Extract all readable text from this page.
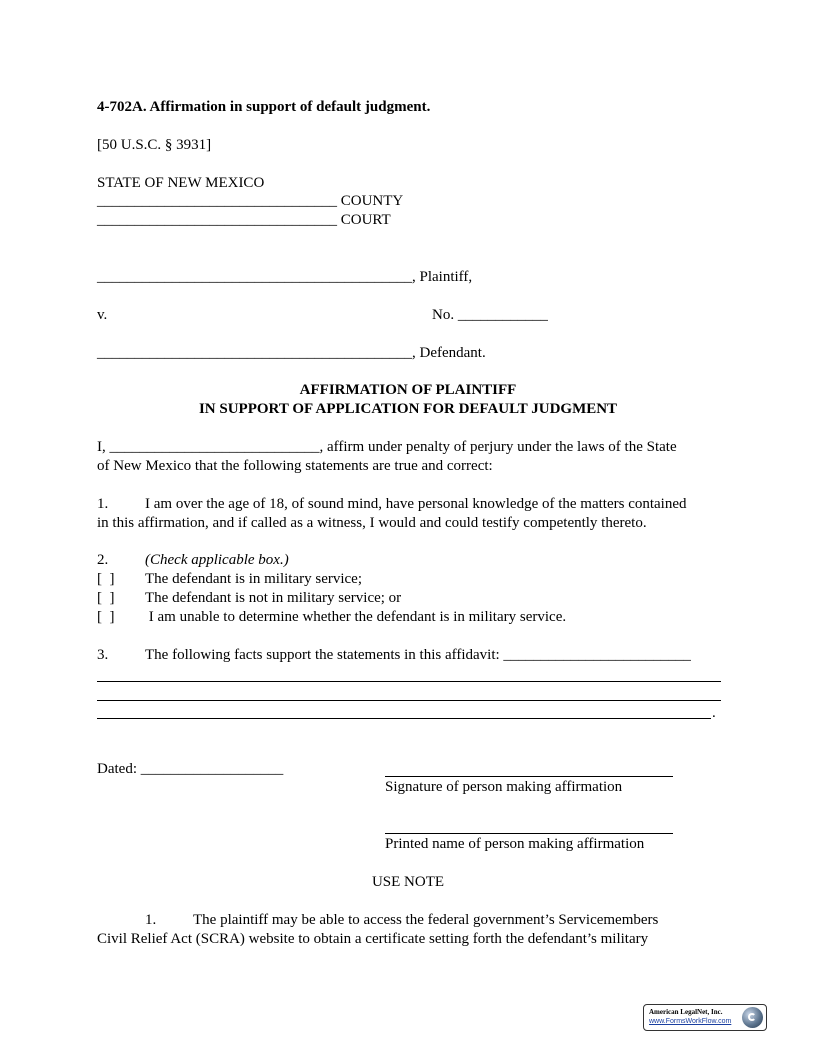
4-702A. Affirmation in support of default judgment.
[50 U.S.C. § 3931]
STATE OF NEW MEXICO
________________________________ COUNTY
________________________________ COURT
__________________________________________, Plaintiff,
v.	No. ____________
__________________________________________, Defendant.
AFFIRMATION OF PLAINTIFF
IN SUPPORT OF APPLICATION FOR DEFAULT JUDGMENT
I, ____________________________, affirm under penalty of perjury under the laws of the State
of New Mexico that the following statements are true and correct:
1. I am over the age of 18, of sound mind, have personal knowledge of the matters contained
in this affirmation, and if called as a witness, I would and could testify competently thereto.
2. (Check applicable box.)
[  ] The defendant is in military service;
[  ] The defendant is not in military service; or
[  ] I am unable to determine whether the defendant is in military service.
3. The following facts support the statements in this affidavit: _________________________
.
Dated: ___________________
Signature of person making affirmation
Printed name of person making affirmation
USE NOTE
1. The plaintiff may be able to access the federal government’s Servicemembers
Civil Relief Act (SCRA) website to obtain a certificate setting forth the defendant’s military
American LegalNet, Inc.
www.FormsWorkFlow.com
